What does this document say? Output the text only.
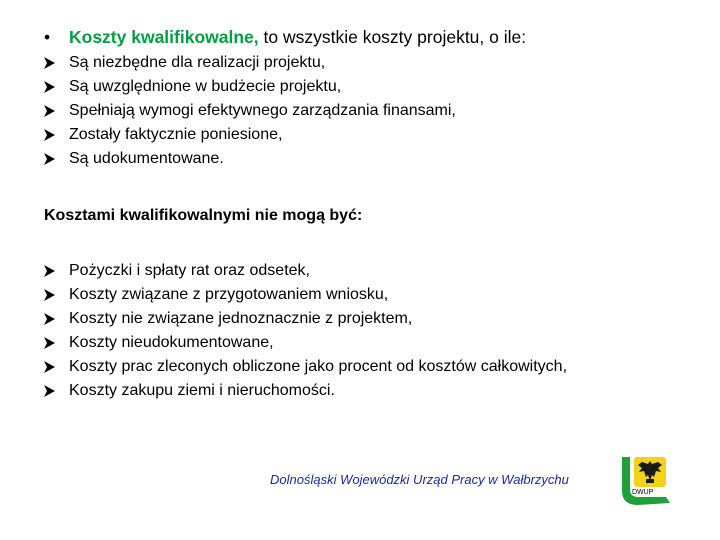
• Koszty kwalifikowalne, to wszystkie koszty projektu, o ile:
Są niezbędne dla realizacji projektu,
Są uwzględnione w budżecie projektu,
Spełniają wymogi efektywnego zarządzania finansami,
Zostały faktycznie poniesione,
Są udokumentowane.
Kosztami kwalifikowalnymi nie mogą być:
Pożyczki i spłaty rat oraz odsetek,
Koszty związane z przygotowaniem wniosku,
Koszty nie związane jednoznacznie z projektem,
Koszty nieudokumentowane,
Koszty prac zleconych obliczone jako procent od kosztów całkowitych,
Koszty zakupu ziemi i nieruchomości.
Dolnośląski Wojewódzki Urząd Pracy w Wałbrzychu
DWUP
